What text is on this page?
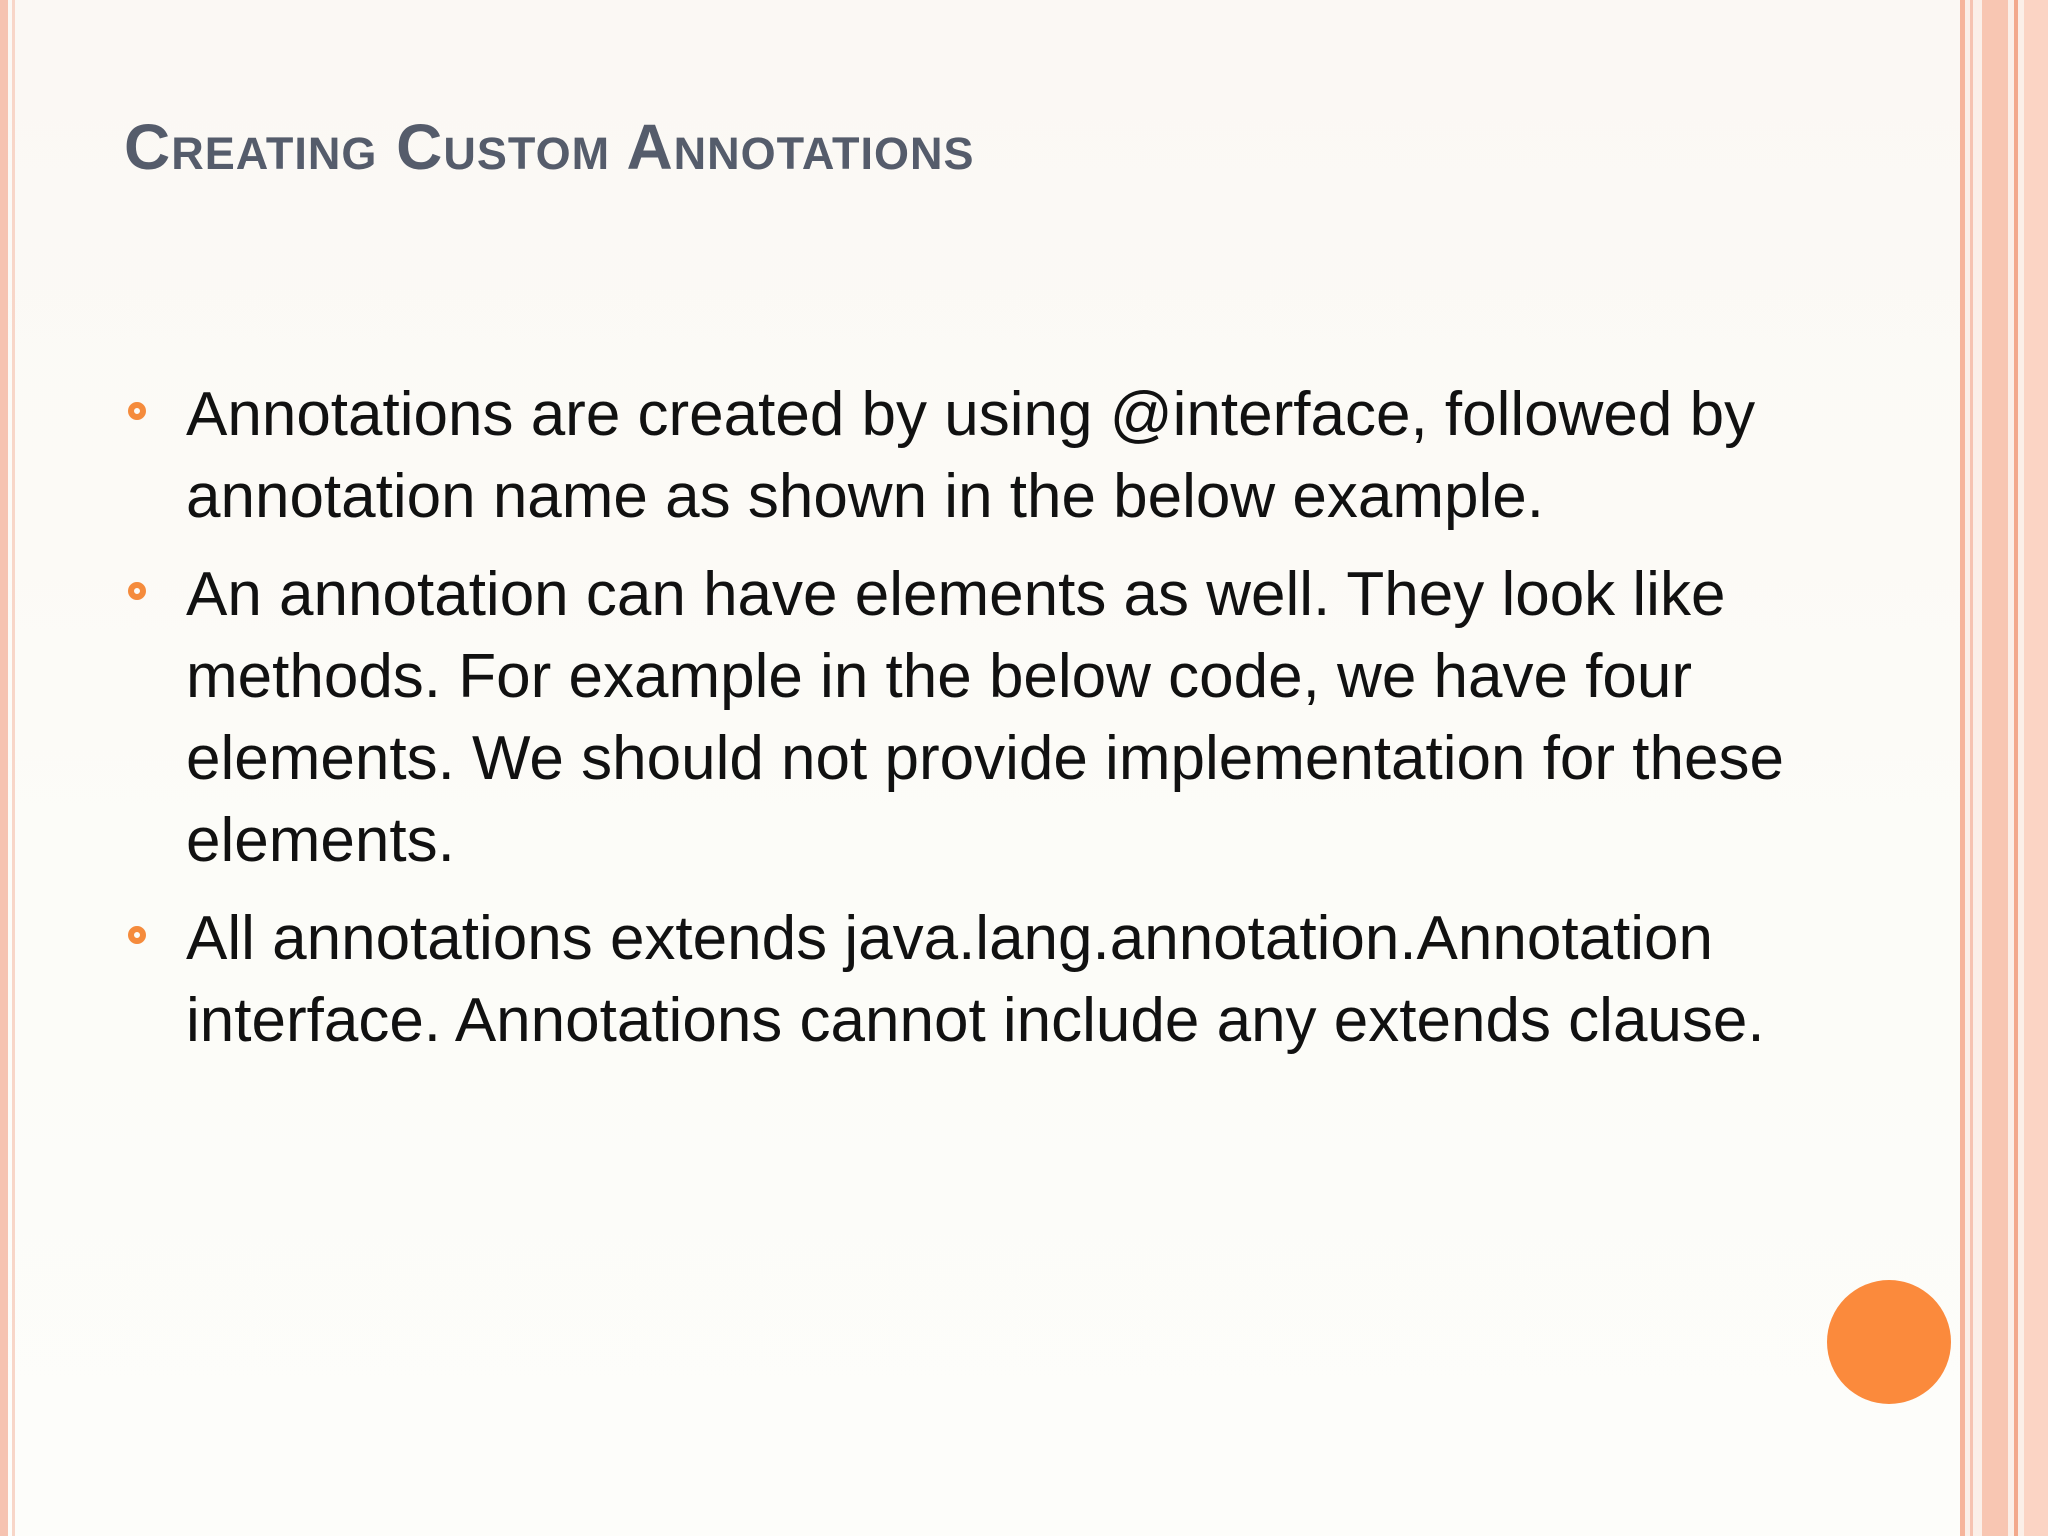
Creating Custom Annotations
Annotations are created by using @interface, followed by annotation name as shown in the below example.
An annotation can have elements as well. They look like methods. For example in the below code, we have four elements. We should not provide implementation for these elements.
All annotations extends java.lang.annotation.Annotation interface. Annotations cannot include any extends clause.
